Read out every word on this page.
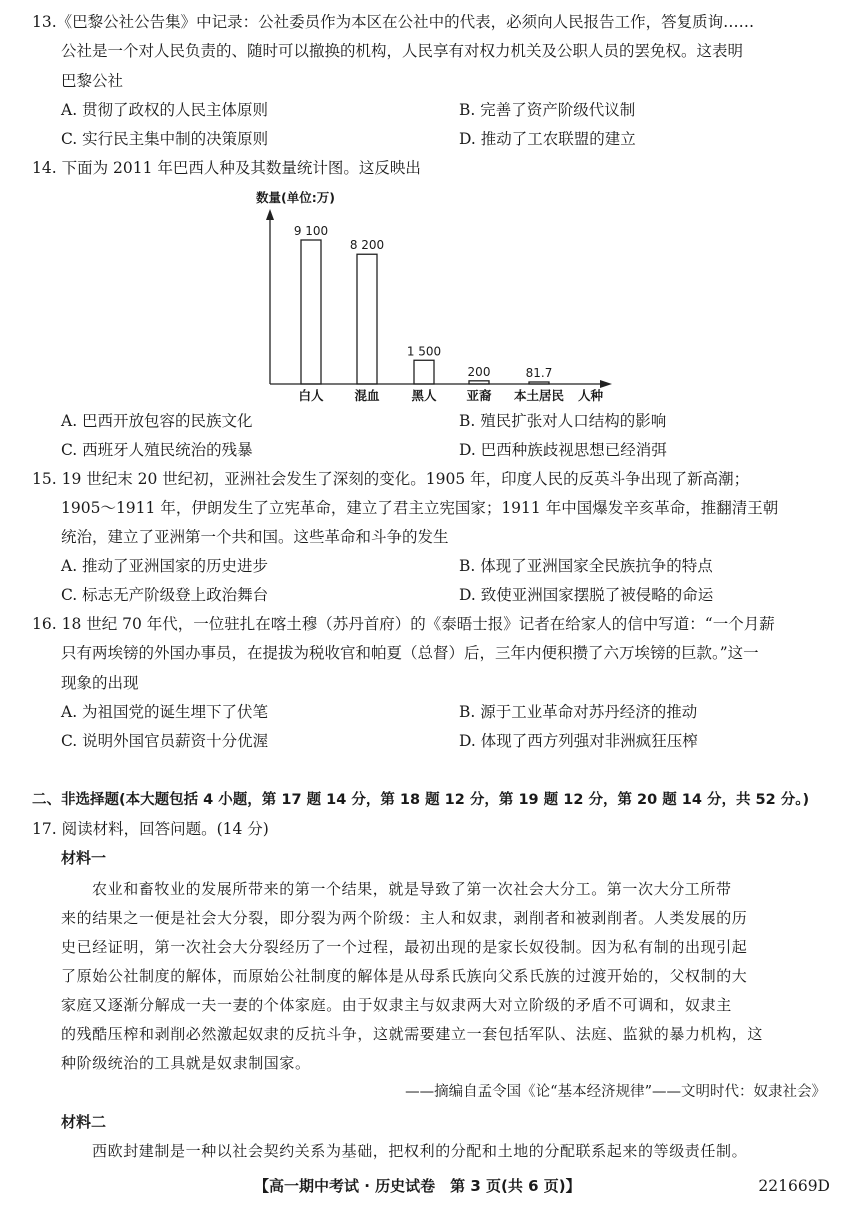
13.《巴黎公社公告集》中记录：公社委员作为本区在公社中的代表，必须向人民报告工作，答复质询……
公社是一个对人民负责的、随时可以撤换的机构，人民享有对权力机关及公职人员的罢免权。这表明
巴黎公社
A. 贯彻了政权的人民主体原则	B. 完善了资产阶级代议制
C. 实行民主集中制的决策原则	D. 推动了工农联盟的建立
14. 下面为 2011 年巴西人种及其数量统计图。这反映出
9 100
8 200
1 500
200	81.7
白人 混血	黑人 亚裔 本土居民
数量(单位:万)
人种
A. 巴西开放包容的民族文化	B. 殖民扩张对人口结构的影响
C. 西班牙人殖民统治的残暴	D. 巴西种族歧视思想已经消弭
15. 19 世纪末 20 世纪初，亚洲社会发生了深刻的变化。1905 年，印度人民的反英斗争出现了新高潮；
1905～1911 年，伊朗发生了立宪革命，建立了君主立宪国家；1911 年中国爆发辛亥革命，推翻清王朝
统治，建立了亚洲第一个共和国。这些革命和斗争的发生
A. 推动了亚洲国家的历史进步	B. 体现了亚洲国家全民族抗争的特点
C. 标志无产阶级登上政治舞台	D. 致使亚洲国家摆脱了被侵略的命运
16. 18 世纪 70 年代，一位驻扎在喀土穆（苏丹首府）的《泰晤士报》记者在给家人的信中写道：“一个月薪
只有两埃镑的外国办事员，在提拔为税收官和帕夏（总督）后，三年内便积攒了六万埃镑的巨款。”这一
现象的出现
A. 为祖国党的诞生埋下了伏笔	B. 源于工业革命对苏丹经济的推动
C. 说明外国官员薪资十分优渥	D. 体现了西方列强对非洲疯狂压榨
二、非选择题(本大题包括 4 小题，第 17 题 14 分，第 18 题 12 分，第 19 题 12 分，第 20 题 14 分，共 52 分。)
17. 阅读材料，回答问题。(14 分)
材料一
农业和畜牧业的发展所带来的第一个结果，就是导致了第一次社会大分工。第一次大分工所带
来的结果之一便是社会大分裂，即分裂为两个阶级：主人和奴隶，剥削者和被剥削者。人类发展的历
史已经证明，第一次社会大分裂经历了一个过程，最初出现的是家长奴役制。因为私有制的出现引起
了原始公社制度的解体，而原始公社制度的解体是从母系氏族向父系氏族的过渡开始的，父权制的大
家庭又逐渐分解成一夫一妻的个体家庭。由于奴隶主与奴隶两大对立阶级的矛盾不可调和，奴隶主
的残酷压榨和剥削必然激起奴隶的反抗斗争，这就需要建立一套包括军队、法庭、监狱的暴力机构，这
种阶级统治的工具就是奴隶制国家。
——摘编自孟令国《论“基本经济规律”——文明时代：奴隶社会》
材料二
西欧封建制是一种以社会契约关系为基础，把权利的分配和土地的分配联系起来的等级责任制。
【高一期中考试 · 历史试卷　第 3 页(共 6 页)】	221669D
